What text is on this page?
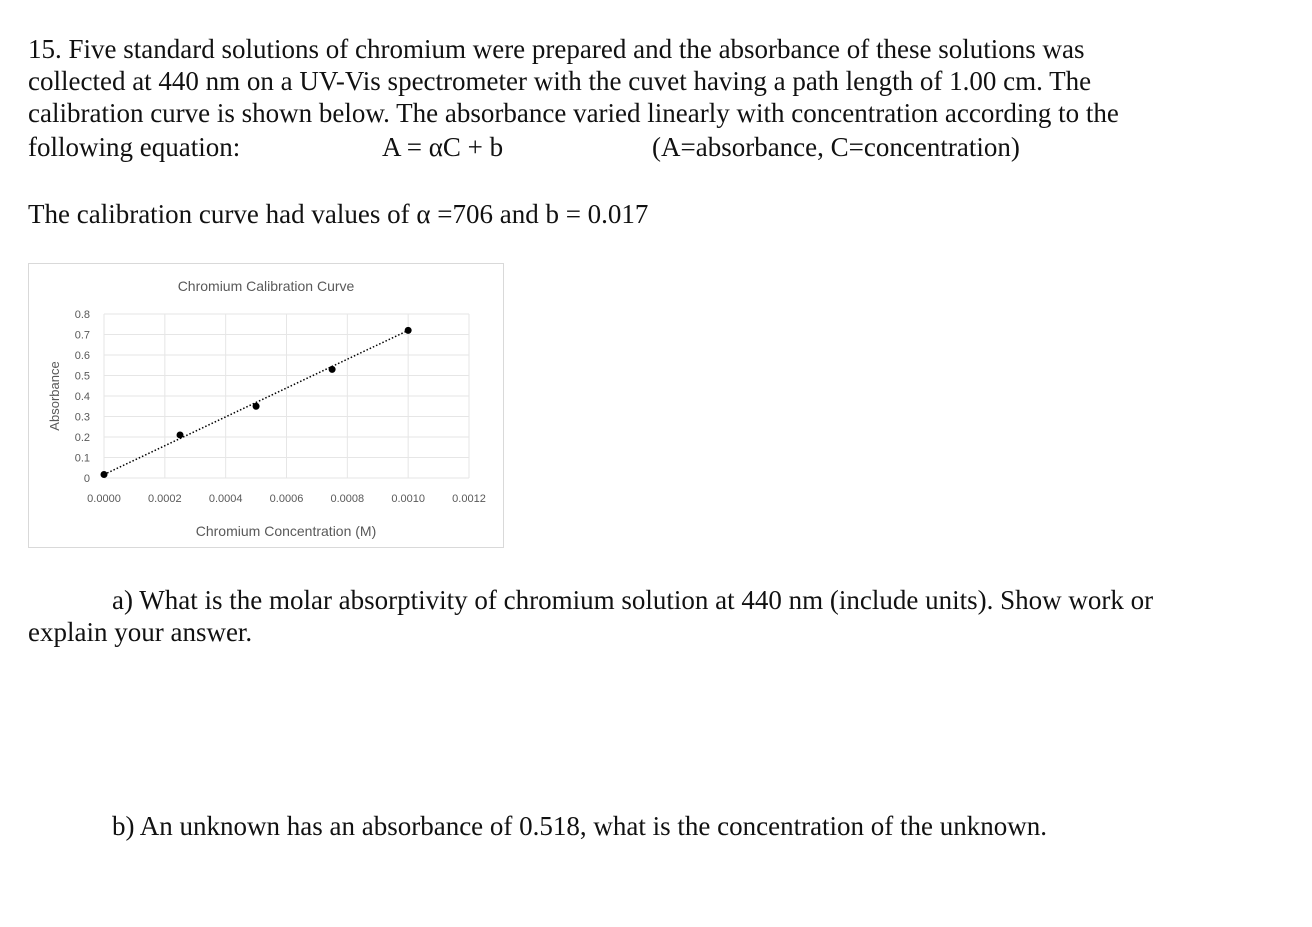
15. Five standard solutions of chromium were prepared and the absorbance of these solutions was
collected at 440 nm on a UV-Vis spectrometer with the cuvet having a path length of 1.00 cm. The
calibration curve is shown below. The absorbance varied linearly with concentration according to the
following equation:	A = αC + b	(A=absorbance, C=concentration)
The calibration curve had values of α =706 and b = 0.017
0
0.1
0.2
0.3
0.4
0.5
0.6
0.7
0.8
0.0000 0.0002 0.0004 0.0006 0.0008 0.0010 0.0012
Chromium Calibration Curve
Chromium Concentration (M)
Absorbance
a) What is the molar absorptivity of chromium solution at 440 nm (include units). Show work or
explain your answer.
b) An unknown has an absorbance of 0.518, what is the concentration of the unknown.
